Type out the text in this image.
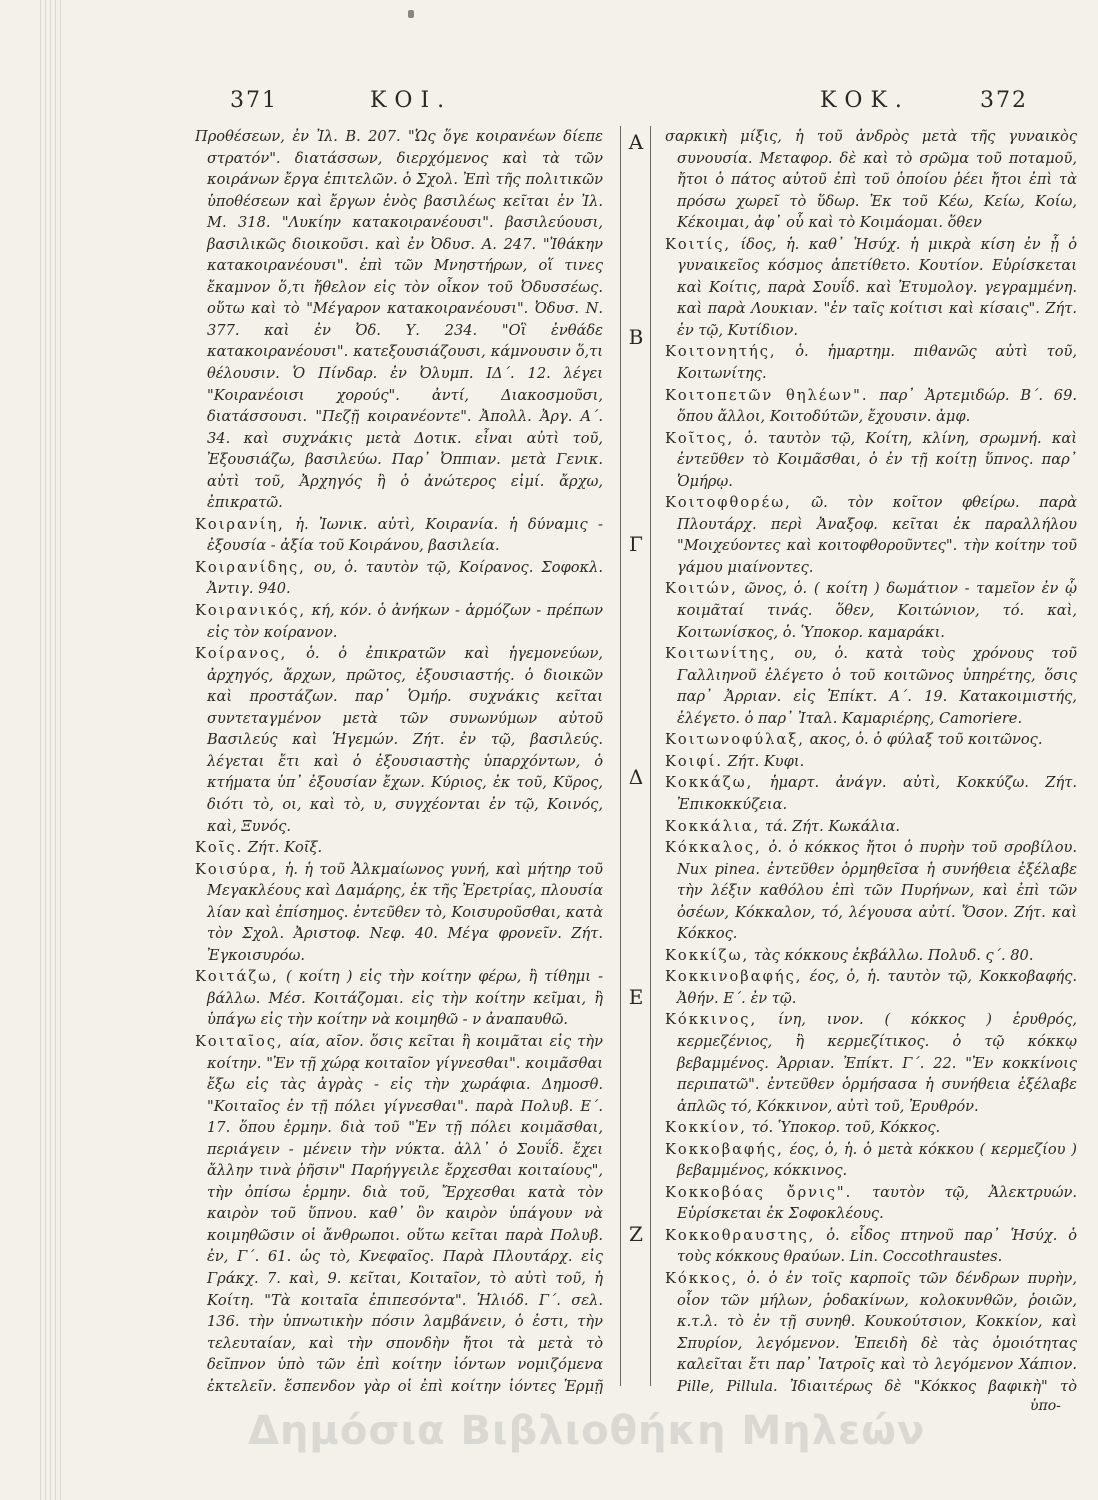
371	ΚΟΙ.	ΚΟΚ.	372

Προθέσεων, ἐν Ἰλ. Β. 207. "Ὡς ὅγε κοιρανέων δίεπε στρατόν". διατάσσων, διερχόμενος καὶ τὰ τῶν κοιράνων ἔργα ἐπιτελῶν. ὁ Σχολ. Ἐπὶ τῆς πολιτικῶν ὑποθέσεων καὶ ἔργων ἑνὸς βασιλέως κεῖται ἐν Ἰλ. Μ. 318. "Λυκίην κατακοιρανέουσι". βασιλεύουσι, βασιλικῶς διοικοῦσι. καὶ ἐν Ὀδυσ. Α. 247. "Ἰθάκην κατακοιρανέουσι". ἐπὶ τῶν Μνηστήρων, οἵ τινες ἔκαμνον ὅ,τι ἤθελον εἰς τὸν οἶκον τοῦ Ὀδυσσέως. οὕτω καὶ τὸ "Μέγαρον κατακοιρανέουσι". Ὀδυσ. Ν. 377. καὶ ἐν Ὀδ. Υ. 234. "Οἳ ἐνθάδε κατακοιρανέουσι". κατεξουσιάζουσι, κάμνουσιν ὅ,τι θέλουσιν. Ὁ Πίνδαρ. ἐν Ὀλυμπ. ΙΔ΄. 12. λέγει "Κοιρανέοισι χορούς". ἀντί, Διακοσμοῦσι, διατάσσουσι. "Πεζῇ κοιρανέοντε". Ἀπολλ. Ἀργ. Α΄. 34. καὶ συχνάκις μετὰ Δοτικ. εἶναι αὐτὶ τοῦ, Ἐξουσιάζω, βασιλεύω. Παρ᾽ Ὀππιαν. μετὰ Γενικ. αὐτὶ τοῦ, Ἀρχηγός ἢ ὁ ἀνώτερος εἰμί. ἄρχω, ἐπικρατῶ.

Κοιρανίη, ἡ. Ἰωνικ. αὐτὶ, Κοιρανία. ἡ δύναμις - ἐξουσία - ἀξία τοῦ Κοιράνου, βασιλεία.

Κοιρανίδης, ου, ὁ. ταυτὸν τῷ, Κοίρανος. Σοφοκλ. Ἀντιγ. 940.

Κοιρανικός, κή, κόν. ὁ ἀνήκων - ἁρμόζων - πρέπων εἰς τὸν κοίρανον.

Κοίρανος, ὁ. ὁ ἐπικρατῶν καὶ ἡγεμονεύων, ἀρχηγός, ἄρχων, πρῶτος, ἐξουσιαστής. ὁ διοικῶν καὶ προστάζων. παρ᾽ Ὁμήρ. συχνάκις κεῖται συντεταγμένον μετὰ τῶν συνωνύμων αὐτοῦ Βασιλεύς καὶ Ἡγεμών. Ζήτ. ἐν τῷ, βασιλεύς. λέγεται ἔτι καὶ ὁ ἐξουσιαστὴς ὑπαρχόντων, ὁ κτήματα ὑπ᾽ ἐξουσίαν ἔχων. Κύριος, ἐκ τοῦ, Κῦρος, διότι τὸ, οι, καὶ τὸ, υ, συγχέονται ἐν τῷ, Κοινός, καὶ, Ξυνός.

Κοῖς. Ζήτ. Κοῖξ.

Κοισύρα, ἡ. ἡ τοῦ Ἀλκμαίωνος γυνή, καὶ μήτηρ τοῦ Μεγακλέους καὶ Δαμάρης, ἐκ τῆς Ἐρετρίας, πλουσία λίαν καὶ ἐπίσημος. ἐντεῦθεν τὸ, Κοισυροῦσθαι, κατὰ τὸν Σχολ. Ἀριστοφ. Νεφ. 40. Μέγα φρονεῖν. Ζήτ. Ἐγκοισυρόω.

Κοιτάζω, ( κοίτη ) εἰς τὴν κοίτην φέρω, ἢ τίθημι - βάλλω. Μέσ. Κοιτάζομαι. εἰς τὴν κοίτην κεῖμαι, ἢ ὑπάγω εἰς τὴν κοίτην νὰ κοιμηθῶ - ν ἀναπαυθῶ.

Κοιταῖος, αία, αῖον. ὅσις κεῖται ἢ κοιμᾶται εἰς τὴν κοίτην. "Ἐν τῇ χώρᾳ κοιταῖον γίγνεσθαι". κοιμᾶσθαι ἔξω εἰς τὰς ἀγρὰς - εἰς τὴν χωράφια. Δημοσθ. "Κοιταῖος ἐν τῇ πόλει γίγνεσθαι". παρὰ Πολυβ. Ε΄. 17. ὅπου ἑρμην. διὰ τοῦ "Ἐν τῇ πόλει κοιμᾶσθαι, περιάγειν - μένειν τὴν νύκτα. ἀλλ᾽ ὁ Σουΐδ. ἔχει ἄλλην τινὰ ῥῆσιν" Παρήγγειλε ἔρχεσθαι κοιταίους", τὴν ὀπίσω ἑρμην. διὰ τοῦ, Ἔρχεσθαι κατὰ τὸν καιρὸν τοῦ ὕπνου. καθ᾽ ὃν καιρὸν ὑπάγουν νὰ κοιμηθῶσιν οἱ ἄνθρωποι. οὕτω κεῖται παρὰ Πολυβ. ἐν, Γ΄. 61. ὡς τὸ, Κνεφαῖος. Παρὰ Πλουτάρχ. εἰς Γράκχ. 7. καὶ, 9. κεῖται, Κοιταῖον, τὸ αὐτὶ τοῦ, ἡ Κοίτη. "Τὰ κοιταῖα ἐπιπεσόντα". Ἡλιόδ. Γ΄. σελ. 136. τὴν ὑπνωτικὴν πόσιν λαμβάνειν, ὁ ἐστι, τὴν τελευταίαν, καὶ τὴν σπονδὴν ἤτοι τὰ μετὰ τὸ δεῖπνον ὑπὸ τῶν ἐπὶ κοίτην ἰόντων νομιζόμενα ἐκτελεῖν. ἔσπενδον γὰρ οἱ ἐπὶ κοίτην ἰόντες Ἑρμῇ

Α
Β
Γ
Δ
Ε
Ζ

σαρκικὴ μίξις, ἡ τοῦ ἀνδρὸς μετὰ τῆς γυναικὸς συνουσία. Μεταφορ. δὲ καὶ τὸ σρῶμα τοῦ ποταμοῦ, ἤτοι ὁ πάτος αὐτοῦ ἐπὶ τοῦ ὁποίου ῥέει ἤτοι ἐπὶ τὰ πρόσω χωρεῖ τὸ ὕδωρ. Ἐκ τοῦ Κέω, Κείω, Κοίω, Κέκοιμαι, ἀφ᾽ οὗ καὶ τὸ Κοιμάομαι. ὅθεν

Κοιτίς, ίδος, ἡ. καθ᾽ Ἡσύχ. ἡ μικρὰ κίση ἐν ᾗ ὁ γυναικεῖος κόσμος ἀπετίθετο. Κουτίον. Εὑρίσκεται καὶ Κοίτις, παρὰ Σουΐδ. καὶ Ἐτυμολογ. γεγραμμένη. καὶ παρὰ Λουκιαν. "ἐν ταῖς κοίτισι καὶ κίσαις". Ζήτ. ἐν τῷ, Κυτίδιον.

Κοιτονητής, ὁ. ἡμαρτημ. πιθανῶς αὐτὶ τοῦ, Κοιτωνίτης.

Κοιτοπετῶν θηλέων". παρ᾽ Ἀρτεμιδώρ. Β΄. 69. ὅπου ἄλλοι, Κοιτοδύτῶν, ἔχουσιν. ἀμφ.

Κοῖτος, ὁ. ταυτὸν τῷ, Κοίτη, κλίνη, σρωμνή. καὶ ἐντεῦθεν τὸ Κοιμᾶσθαι, ὁ ἐν τῇ κοίτῃ ὕπνος. παρ᾽ Ὁμήρῳ.

Κοιτοφθορέω, ῶ. τὸν κοῖτον φθείρω. παρὰ Πλουτάρχ. περὶ Ἀναξοφ. κεῖται ἐκ παραλλήλου "Μοιχεύοντες καὶ κοιτοφθοροῦντες". τὴν κοίτην τοῦ γάμου μιαίνοντες.

Κοιτών, ῶνος, ὁ. ( κοίτη ) δωμάτιον - ταμεῖον ἐν ᾧ κοιμᾶταί τινάς. ὅθεν, Κοιτώνιον, τό. καὶ, Κοιτωνίσκος, ὁ. Ὑποκορ. καμαράκι.

Κοιτωνίτης, ου, ὁ. κατὰ τοὺς χρόνους τοῦ Γαλλιηνοῦ ἐλέγετο ὁ τοῦ κοιτῶνος ὑπηρέτης, ὅσις παρ᾽ Ἀρριαν. εἰς Ἐπίκτ. Α΄. 19. Κατακοιμιστής, ἐλέγετο. ὁ παρ᾽ Ἰταλ. Καμαριέρης, Camoriere.

Κοιτωνοφύλαξ, ακος, ὁ. ὁ φύλαξ τοῦ κοιτῶνος.

Κοιφί. Ζήτ. Κυφι.

Κοκκάζω, ἡμαρτ. ἀνάγν. αὐτὶ, Κοκκύζω. Ζήτ. Ἐπικοκκύζεια.

Κοκκάλια, τά. Ζήτ. Κωκάλια.

Κόκκαλος, ὁ. ὁ κόκκος ἤτοι ὁ πυρὴν τοῦ σροβίλου. Nux pinea. ἐντεῦθεν ὁρμηθεῖσα ἡ συνήθεια ἐξέλαβε τὴν λέξιν καθόλου ἐπὶ τῶν Πυρήνων, καὶ ἐπὶ τῶν ὀσέων, Κόκκαλον, τό, λέγουσα αὐτί. Ὅσον. Ζήτ. καὶ Κόκκος.

Κοκκίζω, τὰς κόκκους ἐκβάλλω. Πολυδ. ς΄. 80.

Κοκκινοβαφής, έος, ὁ, ἡ. ταυτὸν τῷ, Κοκκοβαφής. Ἀθήν. Ε΄. ἐν τῷ.

Κόκκινος, ίνη, ινον. ( κόκκος ) ἐρυθρός, κερμεζένιος, ἢ κερμεζίτικος. ὁ τῷ κόκκῳ βεβαμμένος. Ἀρριαν. Ἐπίκτ. Γ΄. 22. "Ἐν κοκκίνοις περιπατῶ". ἐντεῦθεν ὁρμήσασα ἡ συνήθεια ἐξέλαβε ἁπλῶς τό, Κόκκινον, αὐτὶ τοῦ, Ἐρυθρόν.

Κοκκίον, τό. Ὑποκορ. τοῦ, Κόκκος.

Κοκκοβαφής, έος, ὁ, ἡ. ὁ μετὰ κόκκου ( κερμεζίου ) βεβαμμένος, κόκκινος.

Κοκκοβόας ὄρνις". ταυτὸν τῷ, Ἀλεκτρυών. Εὑρίσκεται ἐκ Σοφοκλέους.

Κοκκοθραυστης, ὁ. εἶδος πτηνοῦ παρ᾽ Ἡσύχ. ὁ τοὺς κόκκους θραύων. Lin. Coccothraustes.

Κόκκος, ὁ. ὁ ἐν τοῖς καρποῖς τῶν δένδρων πυρὴν, οἷον τῶν μήλων, ῥοδακίνων, κολοκυνθῶν, ῥοιῶν, κ.τ.λ. τὸ ἐν τῇ συνηθ. Κουκούτσιον, Κοκκίον, καὶ Σπυρίον, λεγόμενον. Ἐπειδὴ δὲ τὰς ὁμοιότητας καλεῖται ἔτι παρ᾽ Ἰατροῖς καὶ τὸ λεγόμενον Χάπιον. Pille, Pillula. Ἰδιαιτέρως δὲ "Κόκκος βαφικὴ" τὸ

ὑπο-
Δημόσια Βιβλιοθήκη Μηλεών
